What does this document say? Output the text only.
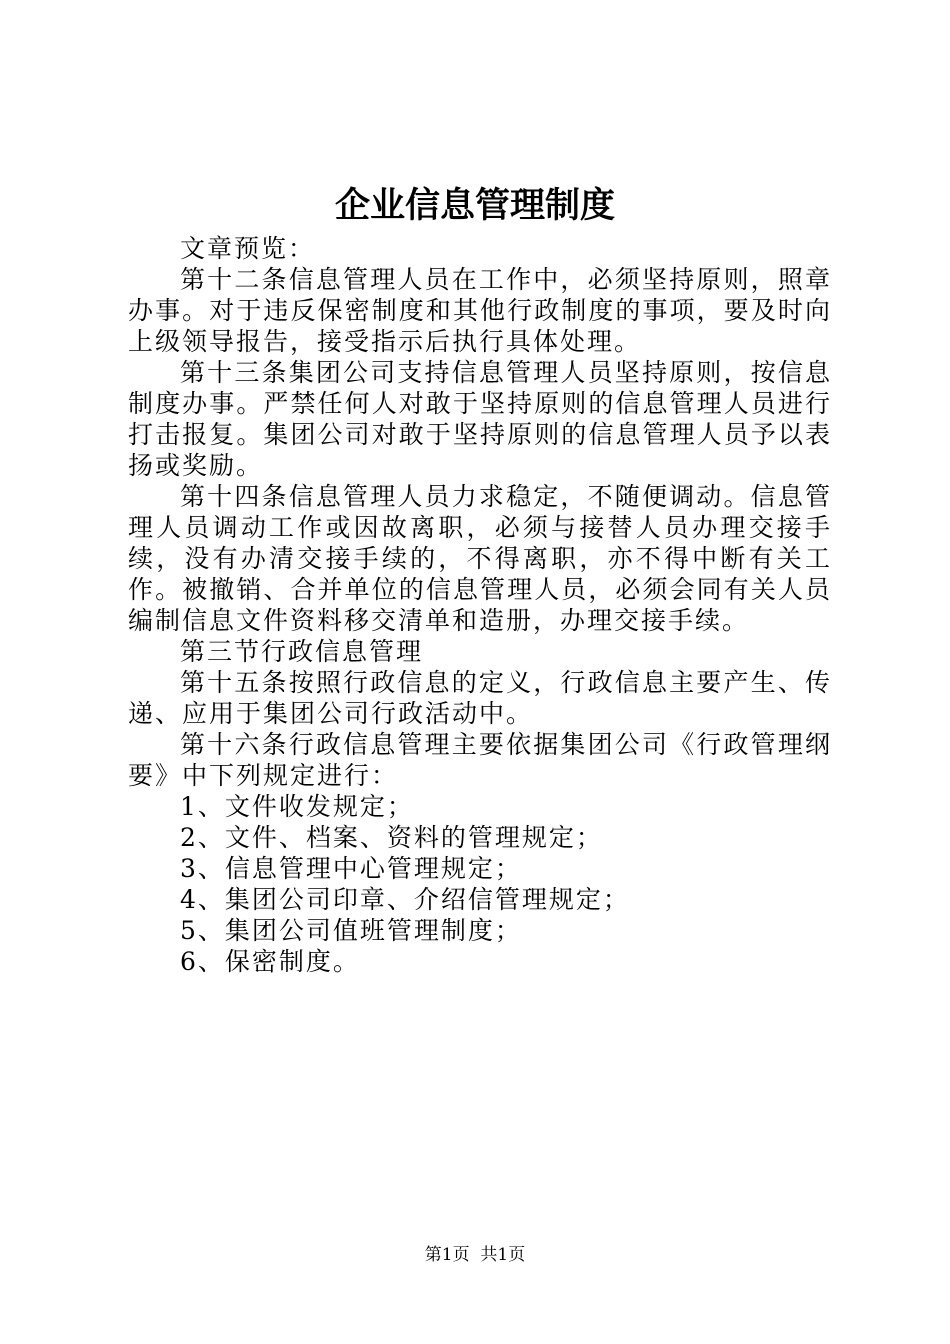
企业信息管理制度

文章预览：

第十二条信息管理人员在工作中，必须坚持原则，照章办事。对于违反保密制度和其他行政制度的事项，要及时向上级领导报告，接受指示后执行具体处理。

第十三条集团公司支持信息管理人员坚持原则，按信息制度办事。严禁任何人对敢于坚持原则的信息管理人员进行打击报复。集团公司对敢于坚持原则的信息管理人员予以表扬或奖励。

第十四条信息管理人员力求稳定，不随便调动。信息管理人员调动工作或因故离职，必须与接替人员办理交接手续，没有办清交接手续的，不得离职，亦不得中断有关工作。被撤销、合并单位的信息管理人员，必须会同有关人员编制信息文件资料移交清单和造册，办理交接手续。

第三节行政信息管理

第十五条按照行政信息的定义，行政信息主要产生、传递、应用于集团公司行政活动中。

第十六条行政信息管理主要依据集团公司《行政管理纲要》中下列规定进行：

1、文件收发规定；

2、文件、档案、资料的管理规定；

3、信息管理中心管理规定；

4、集团公司印章、介绍信管理规定；

5、集团公司值班管理制度；

6、保密制度。

第1页  共1页
